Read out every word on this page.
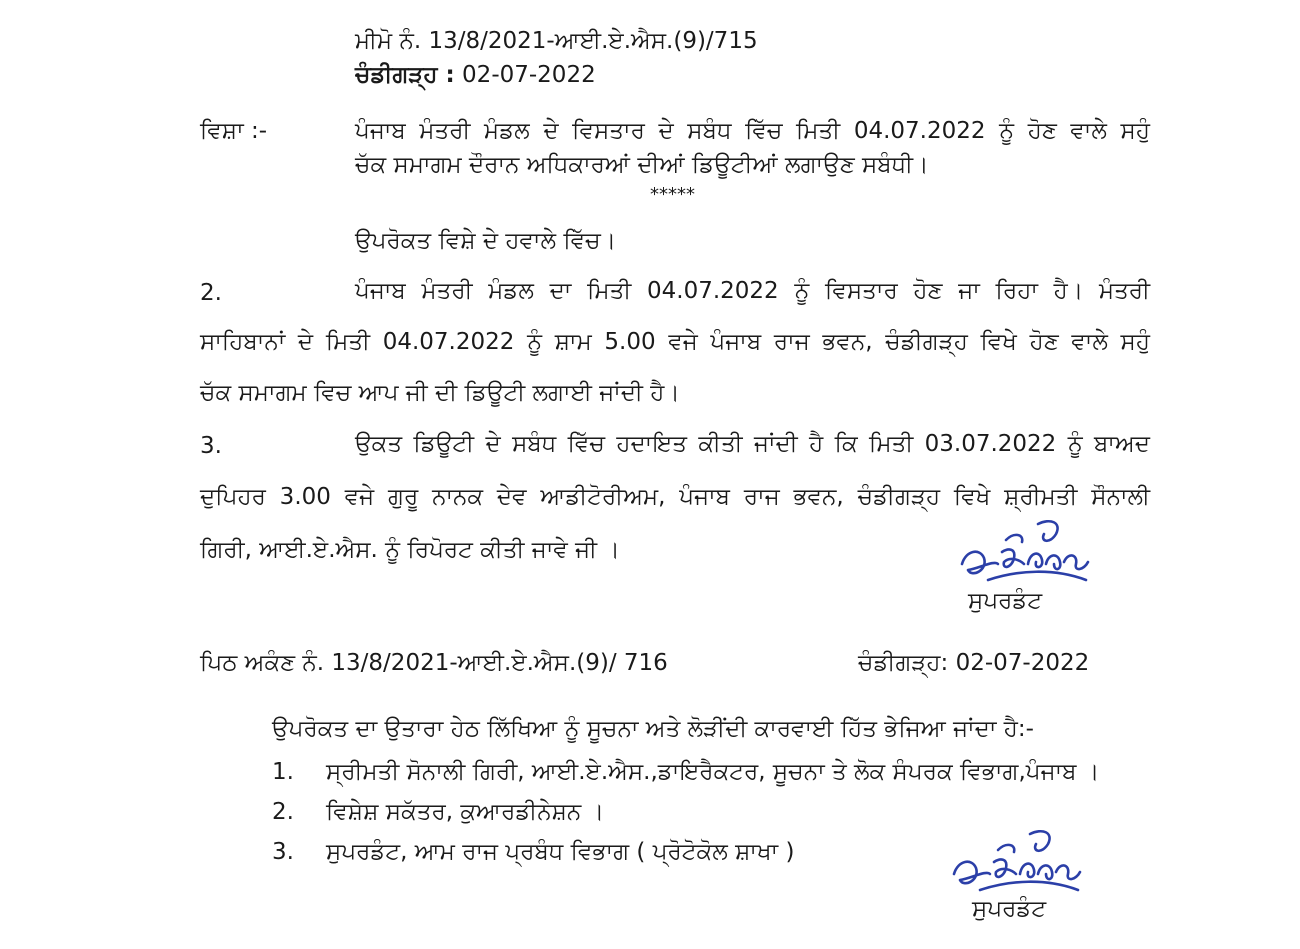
ਮੀਮੋ ਨੰ. 13/8/2021-ਆਈ.ਏ.ਐਸ.(9)/715
ਚੰਡੀਗੜ੍ਹ : 02-07-2022
ਵਿਸ਼ਾ :-	ਪੰਜਾਬ ਮੰਤਰੀ ਮੰਡਲ ਦੇ ਵਿਸਤਾਰ ਦੇ ਸਬੰਧ ਵਿੱਚ ਮਿਤੀ 04.07.2022 ਨੂੰ ਹੋਣ ਵਾਲੇ ਸਹੁੰ
ਚੱਕ ਸਮਾਗਮ ਦੌਰਾਨ ਅਧਿਕਾਰਆਂ ਦੀਆਂ ਡਿਊਟੀਆਂ ਲਗਾਉਣ ਸਬੰਧੀ।
*****
ਉਪਰੋਕਤ ਵਿਸ਼ੇ ਦੇ ਹਵਾਲੇ ਵਿੱਚ।
2.	ਪੰਜਾਬ ਮੰਤਰੀ ਮੰਡਲ ਦਾ ਮਿਤੀ 04.07.2022 ਨੂੰ ਵਿਸਤਾਰ ਹੋਣ ਜਾ ਰਿਹਾ ਹੈ। ਮੰਤਰੀ
ਸਾਹਿਬਾਨਾਂ ਦੇ ਮਿਤੀ 04.07.2022 ਨੂੰ ਸ਼ਾਮ 5.00 ਵਜੇ ਪੰਜਾਬ ਰਾਜ ਭਵਨ, ਚੰਡੀਗੜ੍ਹ ਵਿਖੇ ਹੋਣ ਵਾਲੇ ਸਹੁੰ
ਚੱਕ ਸਮਾਗਮ ਵਿਚ ਆਪ ਜੀ ਦੀ ਡਿਊਟੀ ਲਗਾਈ ਜਾਂਦੀ ਹੈ।
3.	ਉਕਤ ਡਿਊਟੀ ਦੇ ਸਬੰਧ ਵਿੱਚ ਹਦਾਇਤ ਕੀਤੀ ਜਾਂਦੀ ਹੈ ਕਿ ਮਿਤੀ 03.07.2022 ਨੂੰ ਬਾਅਦ
ਦੁਪਿਹਰ 3.00 ਵਜੇ ਗੁਰੂ ਨਾਨਕ ਦੇਵ ਆਡੀਟੋਰੀਅਮ, ਪੰਜਾਬ ਰਾਜ ਭਵਨ, ਚੰਡੀਗੜ੍ਹ ਵਿਖੇ ਸ਼੍ਰੀਮਤੀ ਸੌਨਾਲੀ
ਗਿਰੀ, ਆਈ.ਏ.ਐਸ. ਨੂੰ ਰਿਪੋਰਟ ਕੀਤੀ ਜਾਵੇ ਜੀ ।
ਸੁਪਰਡੰਟ
ਪਿਠ ਅਕੰਣ ਨੰ. 13/8/2021-ਆਈ.ਏ.ਐਸ.(9)/ 716	ਚੰਡੀਗੜ੍ਹ: 02-07-2022
ਉਪਰੋਕਤ ਦਾ ਉਤਾਰਾ ਹੇਠ ਲਿੱਖਿਆ ਨੂੰ ਸੂਚਨਾ ਅਤੇ ਲੋੜੀਂਦੀ ਕਾਰਵਾਈ ਹਿੱਤ ਭੇਜਿਆ ਜਾਂਦਾ ਹੈ:-
1. ਸ੍ਰੀਮਤੀ ਸੋਨਾਲੀ ਗਿਰੀ, ਆਈ.ਏ.ਐਸ.,ਡਾਇਰੈਕਟਰ, ਸੂਚਨਾ ਤੇ ਲੋਕ ਸੰਪਰਕ ਵਿਭਾਗ,ਪੰਜਾਬ ।
2. ਵਿਸ਼ੇਸ਼ ਸਕੱਤਰ, ਕੁਆਰਡੀਨੇਸ਼ਨ ।
3. ਸੁਪਰਡੰਟ, ਆਮ ਰਾਜ ਪ੍ਰਬੰਧ ਵਿਭਾਗ ( ਪ੍ਰੋਟੋਕੋਲ ਸ਼ਾਖਾ )
ਸੁਪਰਡੰਟ
